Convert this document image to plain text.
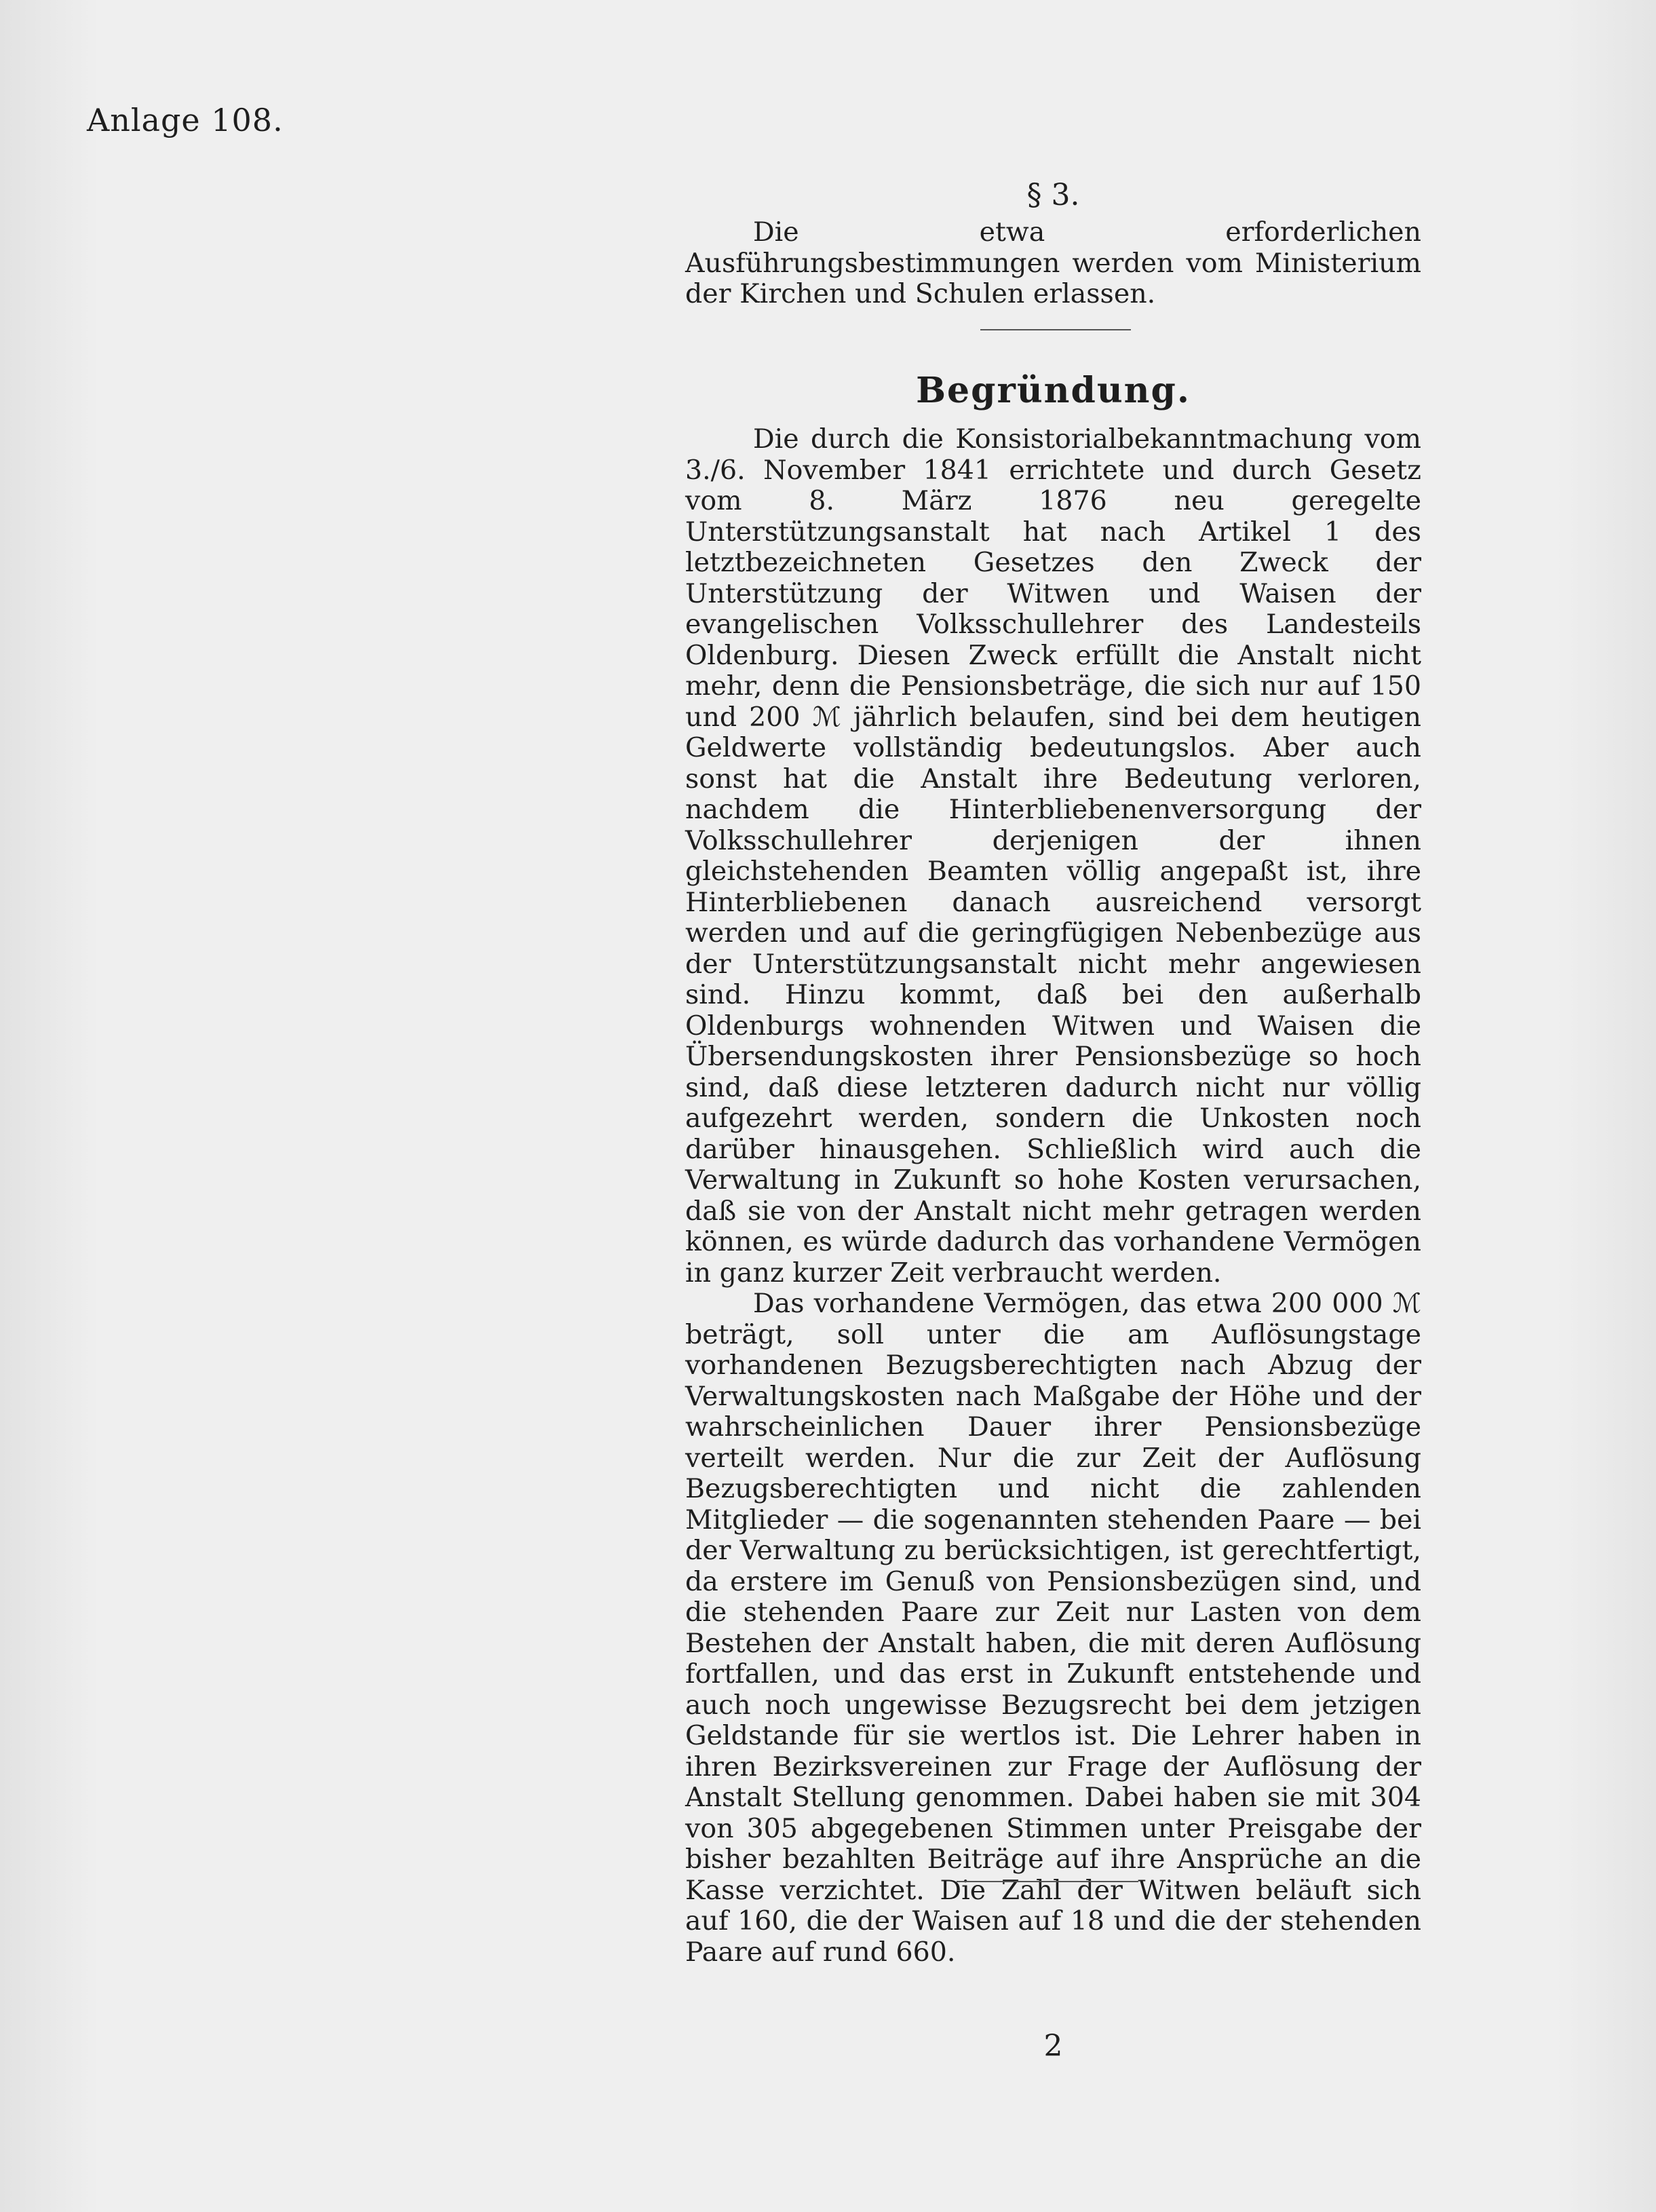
Anlage 108.
§ 3.

Die etwa erforderlichen Ausführungsbestimmungen werden vom Ministerium der Kirchen und Schulen erlassen.

Begründung.

Die durch die Konsistorialbekanntmachung vom 3./6. November 1841 errichtete und durch Gesetz vom 8. März 1876 neu geregelte Unterstützungsanstalt hat nach Artikel 1 des letztbezeichneten Gesetzes den Zweck der Unterstützung der Witwen und Waisen der evangelischen Volksschullehrer des Landesteils Oldenburg. Diesen Zweck erfüllt die Anstalt nicht mehr, denn die Pensionsbeträge, die sich nur auf 150 und 200 ℳ jährlich belaufen, sind bei dem heutigen Geldwerte vollständig bedeutungslos. Aber auch sonst hat die Anstalt ihre Bedeutung verloren, nachdem die Hinterbliebenenversorgung der Volksschullehrer derjenigen der ihnen gleichstehenden Beamten völlig angepaßt ist, ihre Hinterbliebenen danach ausreichend versorgt werden und auf die geringfügigen Nebenbezüge aus der Unterstützungsanstalt nicht mehr angewiesen sind. Hinzu kommt, daß bei den außerhalb Oldenburgs wohnenden Witwen und Waisen die Übersendungskosten ihrer Pensionsbezüge so hoch sind, daß diese letzteren dadurch nicht nur völlig aufgezehrt werden, sondern die Unkosten noch darüber hinausgehen. Schließlich wird auch die Verwaltung in Zukunft so hohe Kosten verursachen, daß sie von der Anstalt nicht mehr getragen werden können, es würde dadurch das vorhandene Vermögen in ganz kurzer Zeit verbraucht werden.

Das vorhandene Vermögen, das etwa 200 000 ℳ beträgt, soll unter die am Auflösungstage vorhandenen Bezugsberechtigten nach Abzug der Verwaltungskosten nach Maßgabe der Höhe und der wahrscheinlichen Dauer ihrer Pensionsbezüge verteilt werden. Nur die zur Zeit der Auflösung Bezugsberechtigten und nicht die zahlenden Mitglieder — die sogenannten stehenden Paare — bei der Verwaltung zu berücksichtigen, ist gerechtfertigt, da erstere im Genuß von Pensionsbezügen sind, und die stehenden Paare zur Zeit nur Lasten von dem Bestehen der Anstalt haben, die mit deren Auflösung fortfallen, und das erst in Zukunft entstehende und auch noch ungewisse Bezugsrecht bei dem jetzigen Geldstande für sie wertlos ist. Die Lehrer haben in ihren Bezirksvereinen zur Frage der Auflösung der Anstalt Stellung genommen. Dabei haben sie mit 304 von 305 abgegebenen Stimmen unter Preisgabe der bisher bezahlten Beiträge auf ihre Ansprüche an die Kasse verzichtet. Die Zahl der Witwen beläuft sich auf 160, die der Waisen auf 18 und die der stehenden Paare auf rund 660.

2
